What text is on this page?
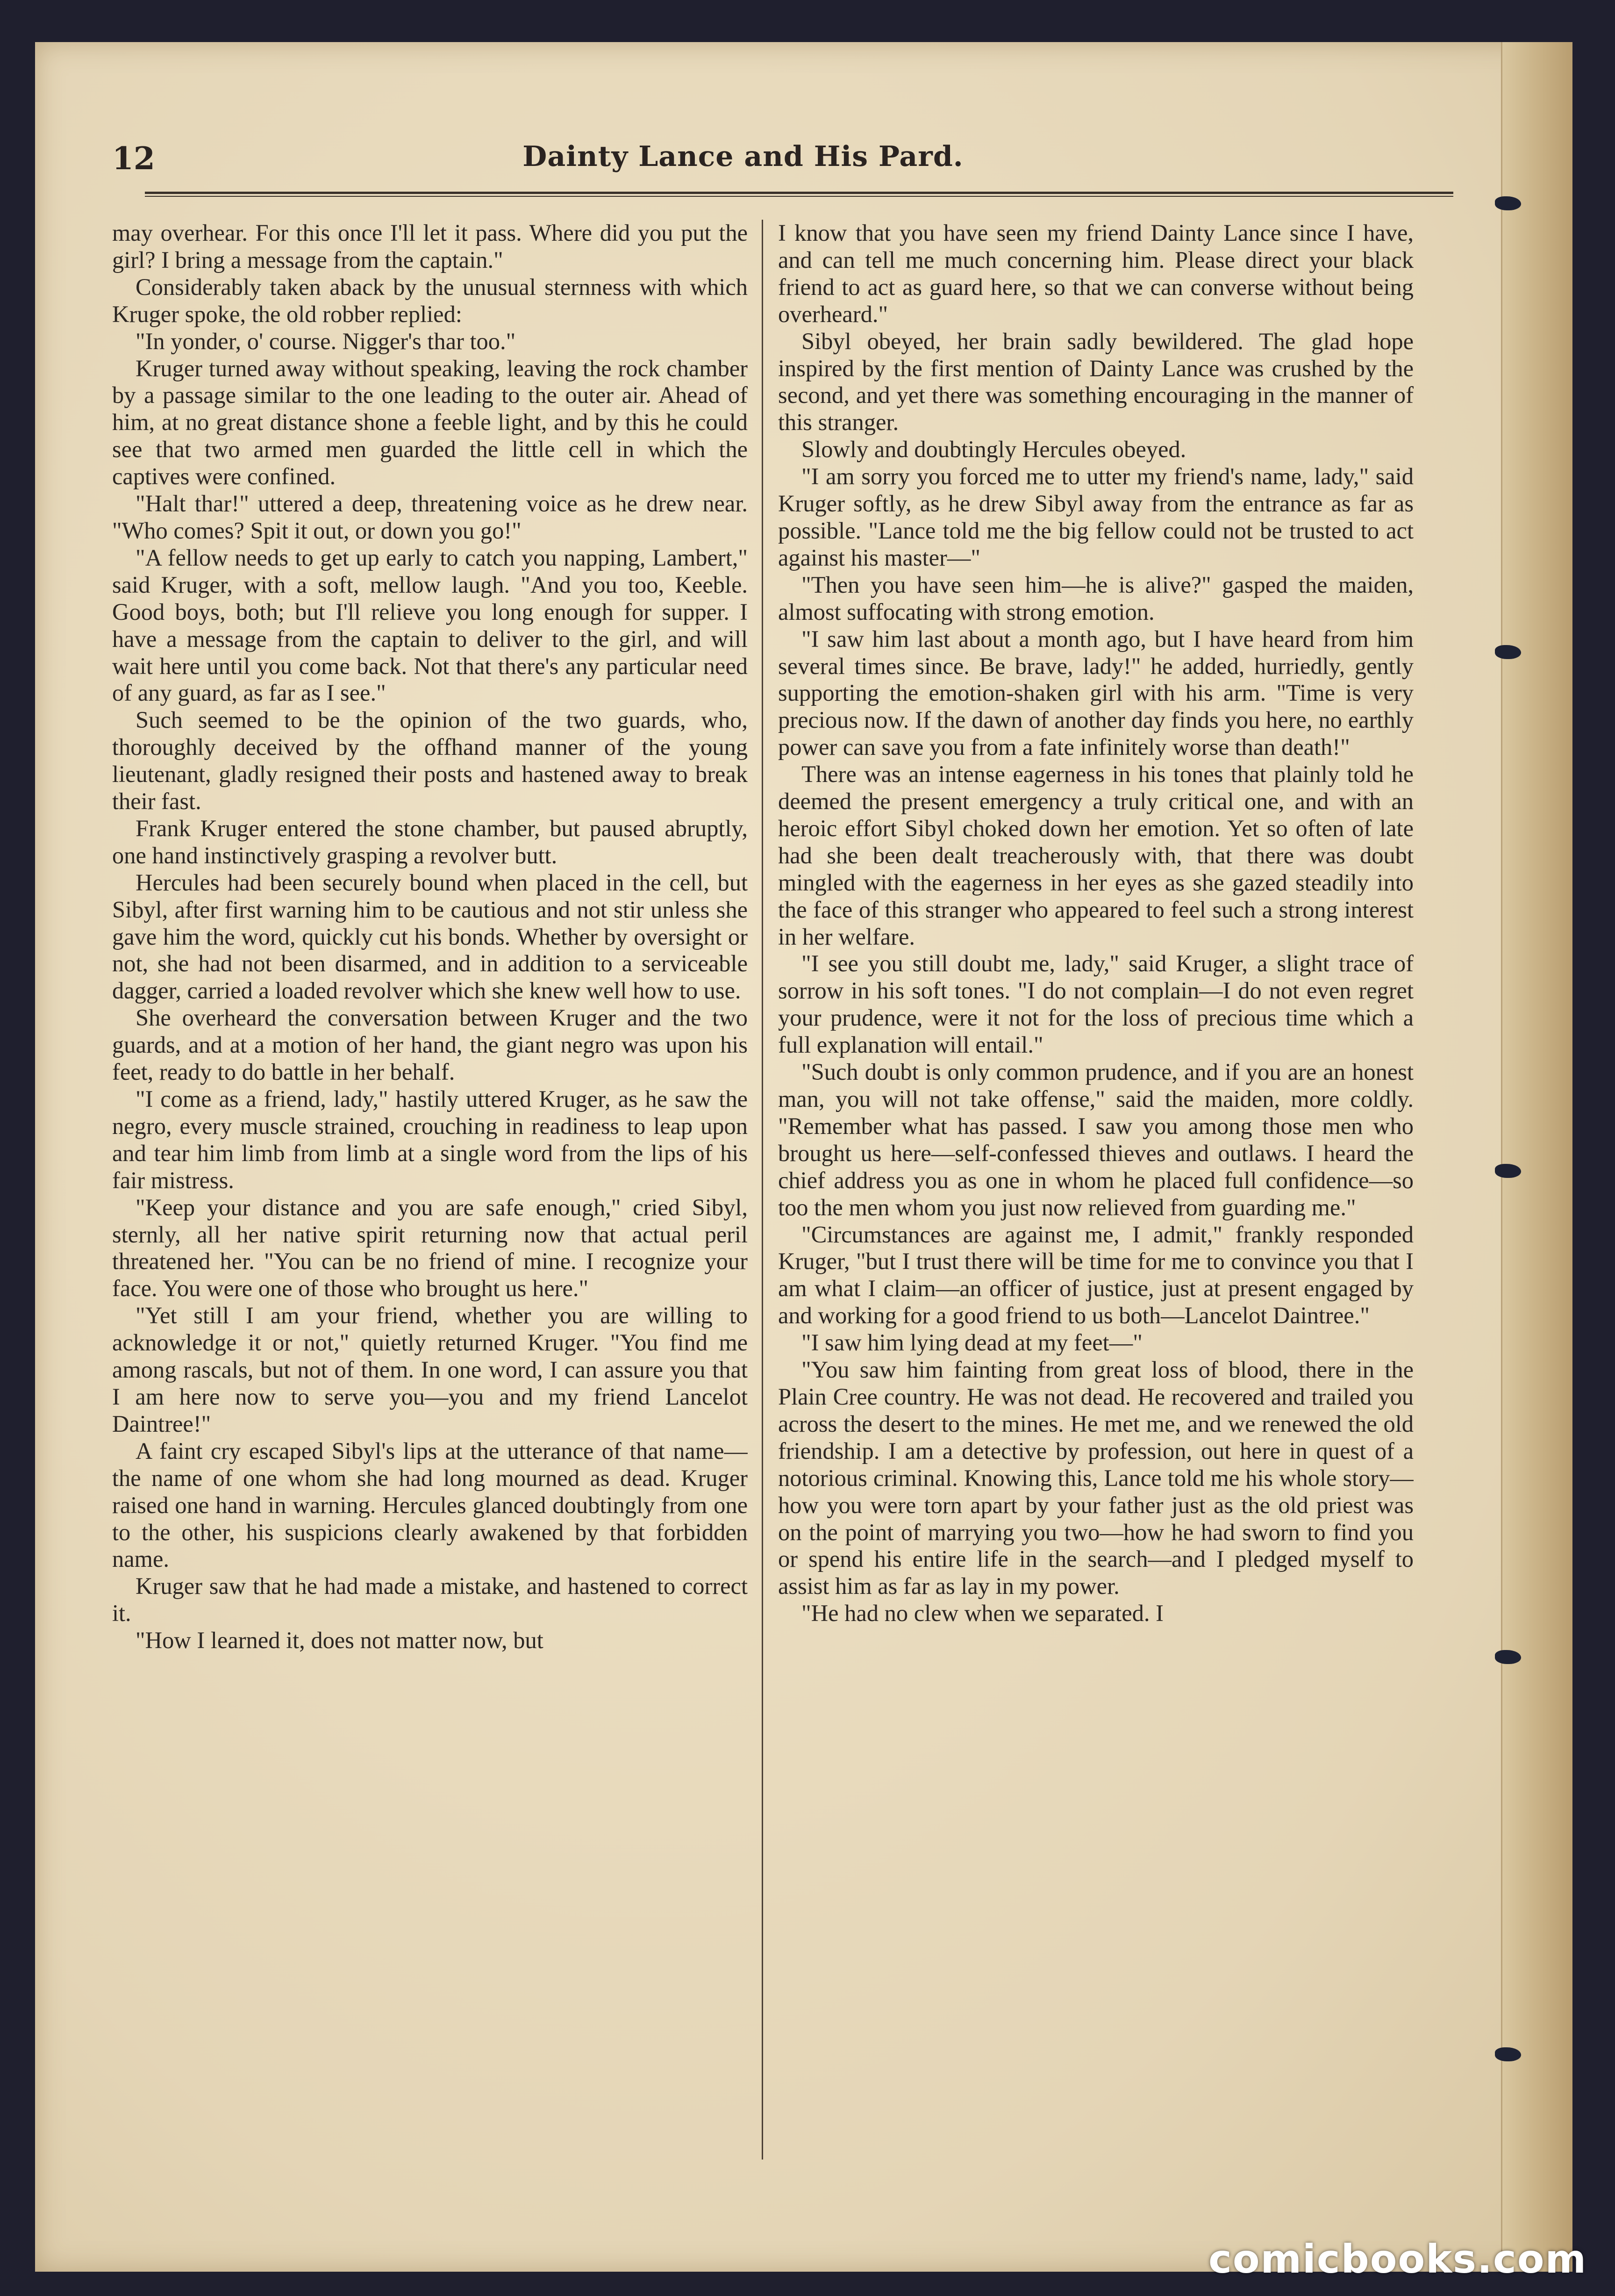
12	Dainty Lance and His Pard.

may overhear. For this once I'll let it pass. Where did you put the girl? I bring a message from the captain."

Considerably taken aback by the unusual sternness with which Kruger spoke, the old robber replied:

"In yonder, o' course. Nigger's thar too."

Kruger turned away without speaking, leaving the rock chamber by a passage similar to the one leading to the outer air. Ahead of him, at no great distance shone a feeble light, and by this he could see that two armed men guarded the little cell in which the captives were confined.

"Halt thar!" uttered a deep, threatening voice as he drew near. "Who comes? Spit it out, or down you go!"

"A fellow needs to get up early to catch you napping, Lambert," said Kruger, with a soft, mellow laugh. "And you too, Keeble. Good boys, both; but I'll relieve you long enough for supper. I have a message from the captain to deliver to the girl, and will wait here until you come back. Not that there's any particular need of any guard, as far as I see."

Such seemed to be the opinion of the two guards, who, thoroughly deceived by the offhand manner of the young lieutenant, gladly resigned their posts and hastened away to break their fast.

Frank Kruger entered the stone chamber, but paused abruptly, one hand instinctively grasping a revolver butt.

Hercules had been securely bound when placed in the cell, but Sibyl, after first warning him to be cautious and not stir unless she gave him the word, quickly cut his bonds. Whether by oversight or not, she had not been disarmed, and in addition to a serviceable dagger, carried a loaded revolver which she knew well how to use.

She overheard the conversation between Kruger and the two guards, and at a motion of her hand, the giant negro was upon his feet, ready to do battle in her behalf.

"I come as a friend, lady," hastily uttered Kruger, as he saw the negro, every muscle strained, crouching in readiness to leap upon and tear him limb from limb at a single word from the lips of his fair mistress.

"Keep your distance and you are safe enough," cried Sibyl, sternly, all her native spirit returning now that actual peril threatened her. "You can be no friend of mine. I recognize your face. You were one of those who brought us here."

"Yet still I am your friend, whether you are willing to acknowledge it or not," quietly returned Kruger. "You find me among rascals, but not of them. In one word, I can assure you that I am here now to serve you—you and my friend Lancelot Daintree!"

A faint cry escaped Sibyl's lips at the utterance of that name—the name of one whom she had long mourned as dead. Kruger raised one hand in warning. Hercules glanced doubtingly from one to the other, his suspicions clearly awakened by that forbidden name.

Kruger saw that he had made a mistake, and hastened to correct it.

"How I learned it, does not matter now, but

I know that you have seen my friend Dainty Lance since I have, and can tell me much concerning him. Please direct your black friend to act as guard here, so that we can converse without being overheard."

Sibyl obeyed, her brain sadly bewildered. The glad hope inspired by the first mention of Dainty Lance was crushed by the second, and yet there was something encouraging in the manner of this stranger.

Slowly and doubtingly Hercules obeyed.

"I am sorry you forced me to utter my friend's name, lady," said Kruger softly, as he drew Sibyl away from the entrance as far as possible. "Lance told me the big fellow could not be trusted to act against his master—"

"Then you have seen him—he is alive?" gasped the maiden, almost suffocating with strong emotion.

"I saw him last about a month ago, but I have heard from him several times since. Be brave, lady!" he added, hurriedly, gently supporting the emotion-shaken girl with his arm. "Time is very precious now. If the dawn of another day finds you here, no earthly power can save you from a fate infinitely worse than death!"

There was an intense eagerness in his tones that plainly told he deemed the present emergency a truly critical one, and with an heroic effort Sibyl choked down her emotion. Yet so often of late had she been dealt treacherously with, that there was doubt mingled with the eagerness in her eyes as she gazed steadily into the face of this stranger who appeared to feel such a strong interest in her welfare.

"I see you still doubt me, lady," said Kruger, a slight trace of sorrow in his soft tones. "I do not complain—I do not even regret your prudence, were it not for the loss of precious time which a full explanation will entail."

"Such doubt is only common prudence, and if you are an honest man, you will not take offense," said the maiden, more coldly. "Remember what has passed. I saw you among those men who brought us here—self-confessed thieves and outlaws. I heard the chief address you as one in whom he placed full confidence—so too the men whom you just now relieved from guarding me."

"Circumstances are against me, I admit," frankly responded Kruger, "but I trust there will be time for me to convince you that I am what I claim—an officer of justice, just at present engaged by and working for a good friend to us both—Lancelot Daintree."

"I saw him lying dead at my feet—"

"You saw him fainting from great loss of blood, there in the Plain Cree country. He was not dead. He recovered and trailed you across the desert to the mines. He met me, and we renewed the old friendship. I am a detective by profession, out here in quest of a notorious criminal. Knowing this, Lance told me his whole story—how you were torn apart by your father just as the old priest was on the point of marrying you two—how he had sworn to find you or spend his entire life in the search—and I pledged myself to assist him as far as lay in my power.

"He had no clew when we separated. I

comicbooks.com
